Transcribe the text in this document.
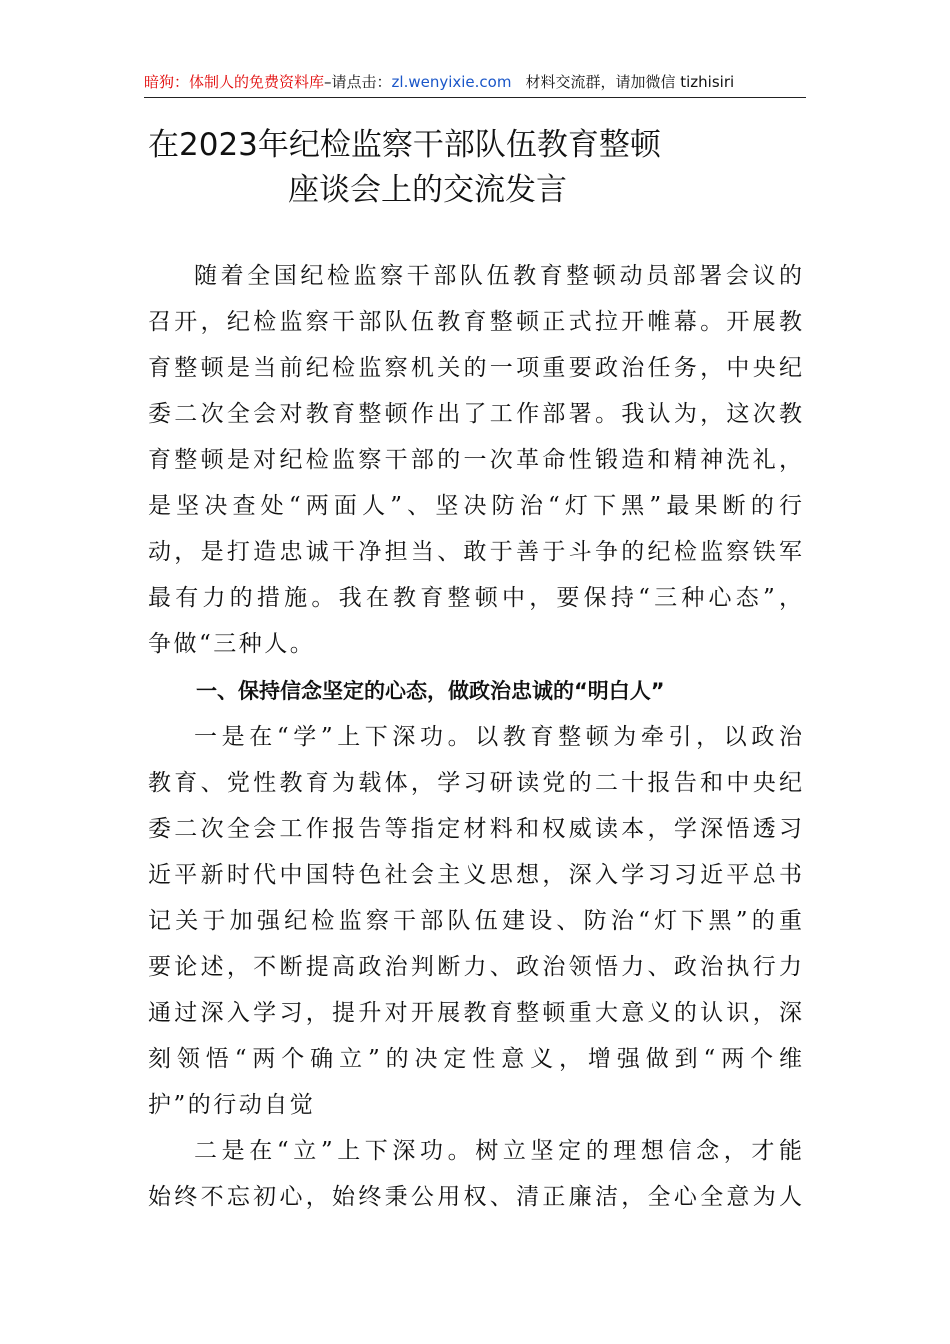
暗狗：体制人的免费资料库–请点击：zl.wenyixie.com 材料交流群，请加微信 tizhisiri
在2023年纪检监察干部队伍教育整顿
座谈会上的交流发言
随着全国纪检监察干部队伍教育整顿动员部署会议的
召开，纪检监察干部队伍教育整顿正式拉开帷幕。开展教
育整顿是当前纪检监察机关的一项重要政治任务，中央纪
委二次全会对教育整顿作出了工作部署。我认为，这次教
育整顿是对纪检监察干部的一次革命性锻造和精神洗礼，
是坚决查处“两面人”、坚决防治“灯下黑”最果断的行
动，是打造忠诚干净担当、敢于善于斗争的纪检监察铁军
最有力的措施。我在教育整顿中，要保持“三种心态”，
争做“三种人。
一、保持信念坚定的心态，做政治忠诚的“明白人”
一是在“学”上下深功。以教育整顿为牵引，以政治
教育、党性教育为载体，学习研读党的二十报告和中央纪
委二次全会工作报告等指定材料和权威读本，学深悟透习
近平新时代中国特色社会主义思想，深入学习习近平总书
记关于加强纪检监察干部队伍建设、防治“灯下黑”的重
要论述，不断提高政治判断力、政治领悟力、政治执行力
通过深入学习，提升对开展教育整顿重大意义的认识，深
刻领悟“两个确立”的决定性意义，增强做到“两个维
护”的行动自觉
二是在“立”上下深功。树立坚定的理想信念，才能
始终不忘初心，始终秉公用权、清正廉洁，全心全意为人
